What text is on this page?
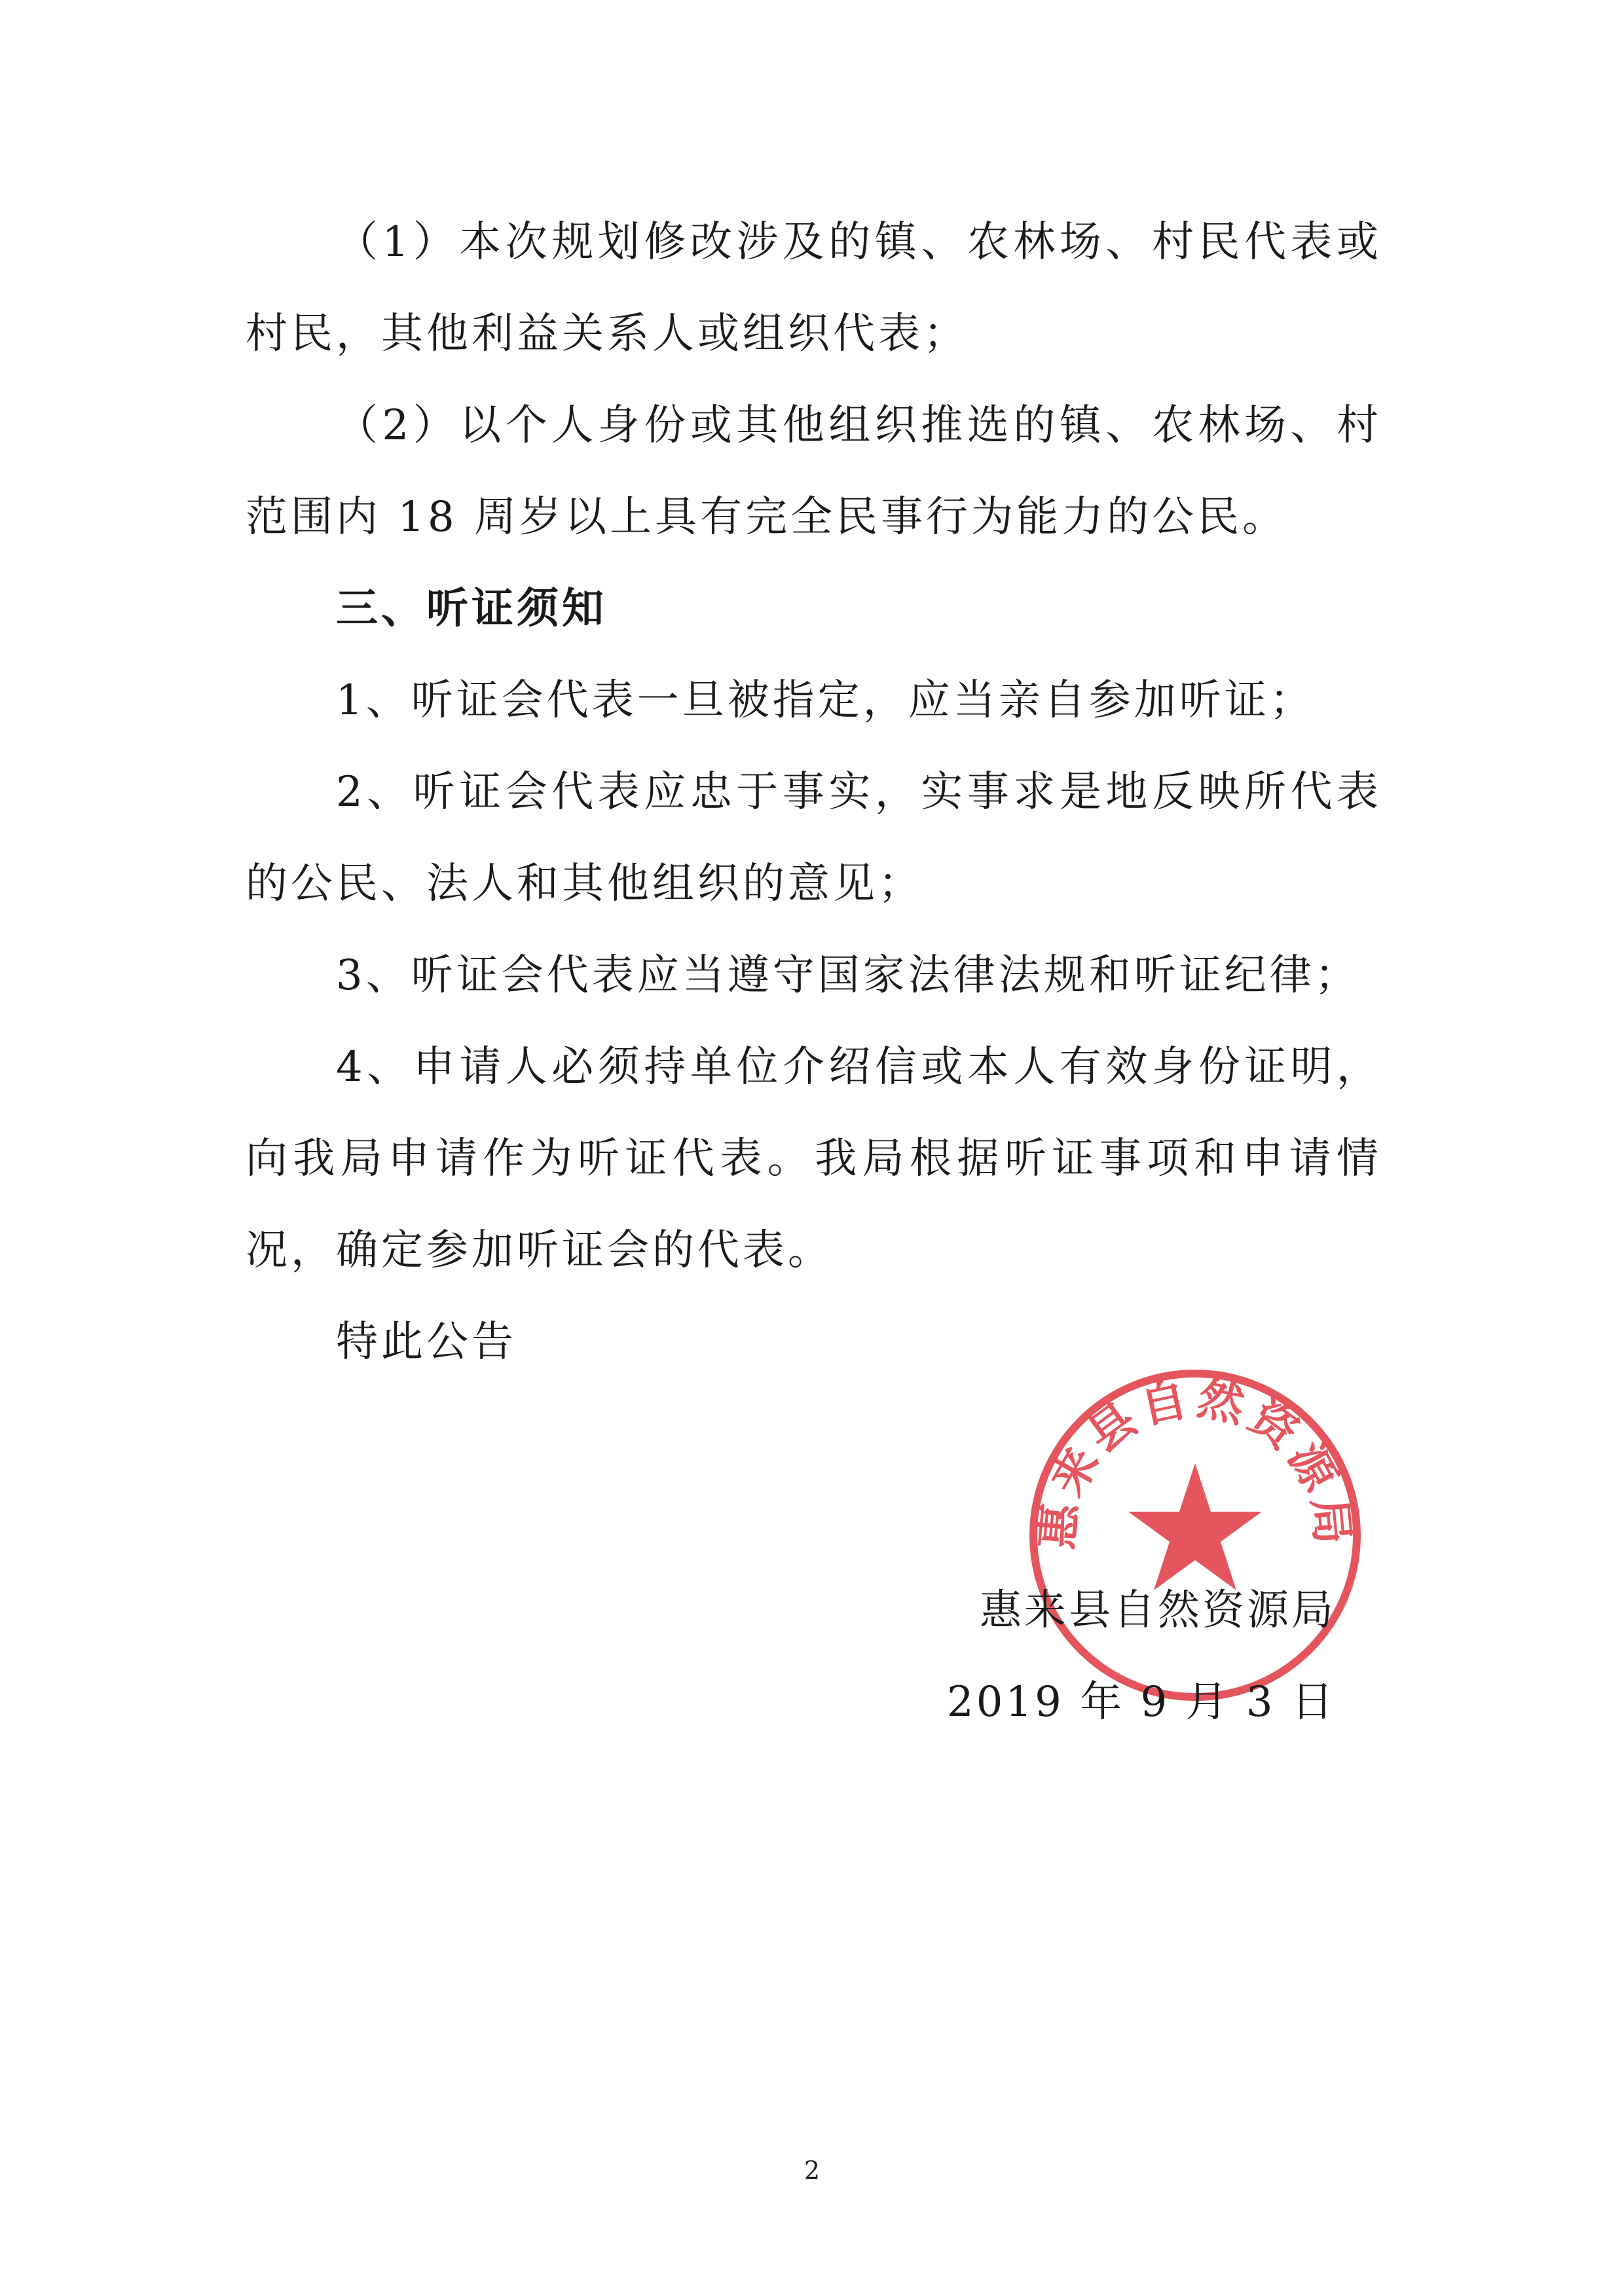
（1）本次规划修改涉及的镇、农林场、村民代表或村民，其他利益关系人或组织代表；

（2）以个人身份或其他组织推选的镇、农林场、村范围内 18 周岁以上具有完全民事行为能力的公民。

三、听证须知

1、听证会代表一旦被指定，应当亲自参加听证；

2、听证会代表应忠于事实，实事求是地反映所代表的公民、法人和其他组织的意见；

3、听证会代表应当遵守国家法律法规和听证纪律；

4、申请人必须持单位介绍信或本人有效身份证明，向我局申请作为听证代表。我局根据听证事项和申请情况，确定参加听证会的代表。

特此公告

惠来县自然资源局
惠来县自然资源局
2019 年 9 月 3 日
2
